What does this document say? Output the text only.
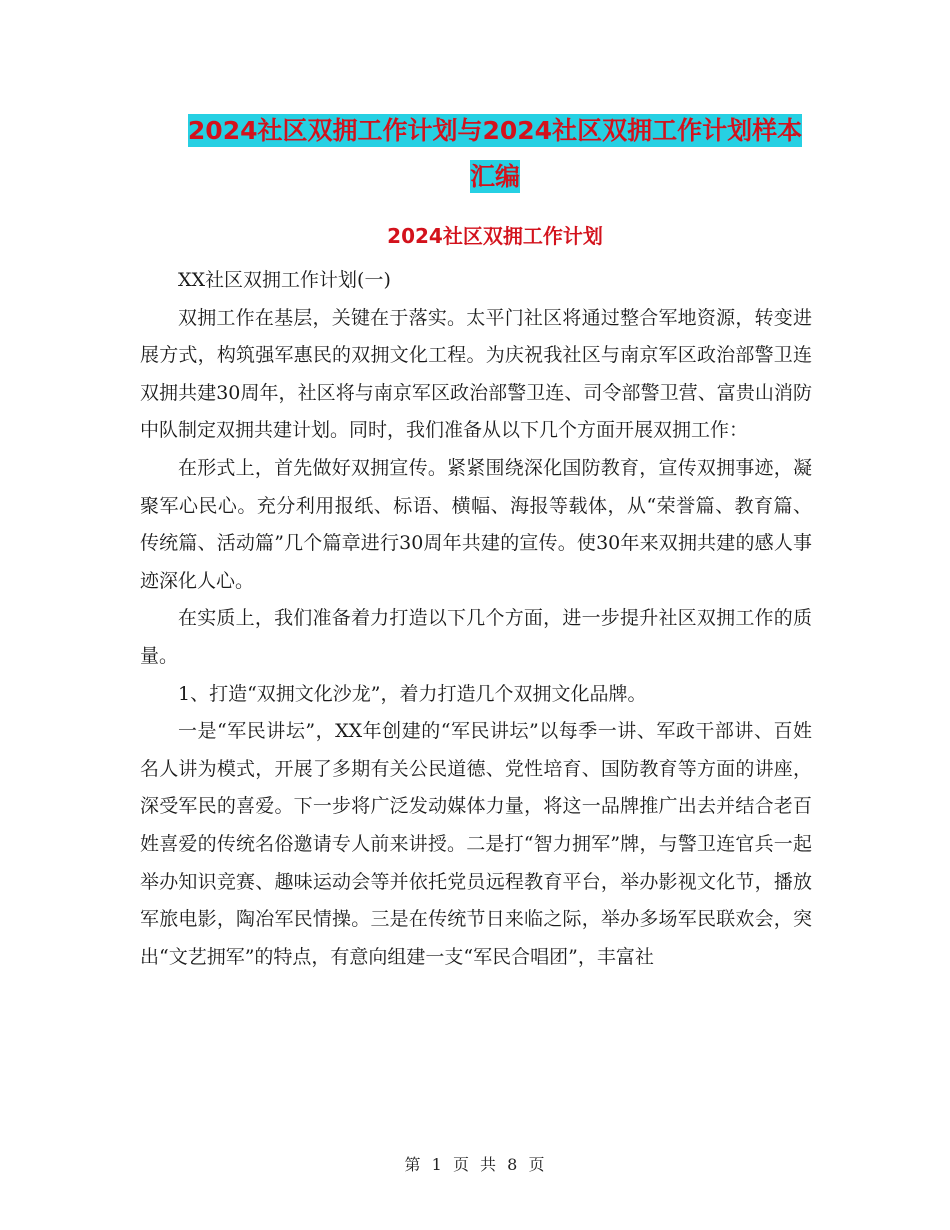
2024社区双拥工作计划与2024社区双拥工作计划样本
汇编
2024社区双拥工作计划

XX社区双拥工作计划(一)

双拥工作在基层，关键在于落实。太平门社区将通过整合军地资源，转变进展方式，构筑强军惠民的双拥文化工程。为庆祝我社区与南京军区政治部警卫连双拥共建30周年，社区将与南京军区政治部警卫连、司令部警卫营、富贵山消防中队制定双拥共建计划。同时，我们准备从以下几个方面开展双拥工作：

在形式上，首先做好双拥宣传。紧紧围绕深化国防教育，宣传双拥事迹，凝聚军心民心。充分利用报纸、标语、横幅、海报等载体，从“荣誉篇、教育篇、传统篇、活动篇”几个篇章进行30周年共建的宣传。使30年来双拥共建的感人事迹深化人心。

在实质上，我们准备着力打造以下几个方面，进一步提升社区双拥工作的质量。

1、打造“双拥文化沙龙”，着力打造几个双拥文化品牌。

一是“军民讲坛”，XX年创建的“军民讲坛”以每季一讲、军政干部讲、百姓名人讲为模式，开展了多期有关公民道德、党性培育、国防教育等方面的讲座，深受军民的喜爱。下一步将广泛发动媒体力量，将这一品牌推广出去并结合老百姓喜爱的传统名俗邀请专人前来讲授。二是打“智力拥军”牌，与警卫连官兵一起举办知识竞赛、趣味运动会等并依托党员远程教育平台，举办影视文化节，播放军旅电影，陶冶军民情操。三是在传统节日来临之际，举办多场军民联欢会，突出“文艺拥军”的特点，有意向组建一支“军民合唱团”，丰富社

第 1 页 共 8 页
